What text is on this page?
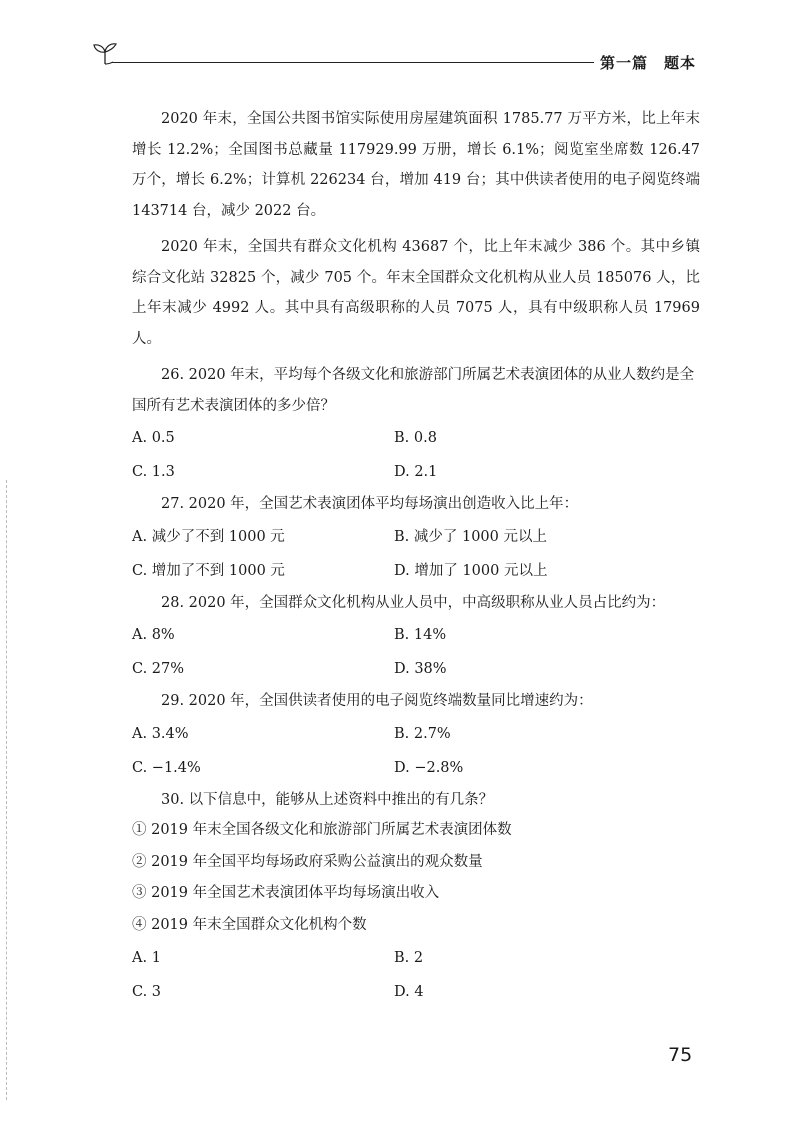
第一篇　题本

2020 年末，全国公共图书馆实际使用房屋建筑面积 1785.77 万平方米，比上年末增长 12.2%；全国图书总藏量 117929.99 万册，增长 6.1%；阅览室坐席数 126.47 万个，增长 6.2%；计算机 226234 台，增加 419 台；其中供读者使用的电子阅览终端 143714 台，减少 2022 台。

2020 年末，全国共有群众文化机构 43687 个，比上年末减少 386 个。其中乡镇综合文化站 32825 个，减少 705 个。年末全国群众文化机构从业人员 185076 人，比上年末减少 4992 人。其中具有高级职称的人员 7075 人，具有中级职称人员 17969 人。

26. 2020 年末，平均每个各级文化和旅游部门所属艺术表演团体的从业人数约是全国所有艺术表演团体的多少倍？

A. 0.5	B. 0.8
C. 1.3	D. 2.1

27. 2020 年，全国艺术表演团体平均每场演出创造收入比上年：

A. 减少了不到 1000 元	B. 减少了 1000 元以上
C. 增加了不到 1000 元	D. 增加了 1000 元以上

28. 2020 年，全国群众文化机构从业人员中，中高级职称从业人员占比约为：

A. 8%	B. 14%
C. 27%	D. 38%

29. 2020 年，全国供读者使用的电子阅览终端数量同比增速约为：

A. 3.4%	B. 2.7%
C. −1.4%	D. −2.8%

30. 以下信息中，能够从上述资料中推出的有几条？

① 2019 年末全国各级文化和旅游部门所属艺术表演团体数

② 2019 年全国平均每场政府采购公益演出的观众数量

③ 2019 年全国艺术表演团体平均每场演出收入

④ 2019 年末全国群众文化机构个数

A. 1	B. 2
C. 3	D. 4
75
